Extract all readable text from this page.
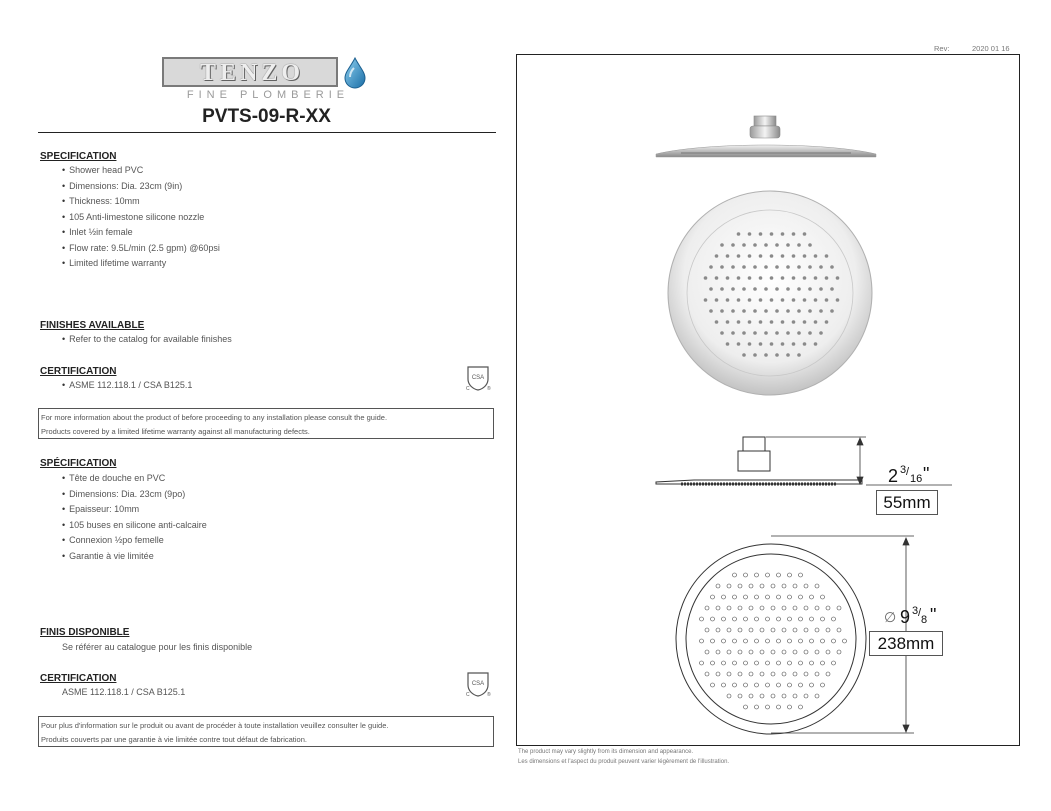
TENZO
FINE PLOMBERIE
PVTS-09-R-XX
SPECIFICATION
• Shower head PVC
• Dimensions: Dia. 23cm (9in)
• Thickness: 10mm
• 105 Anti-limestone silicone nozzle
• Inlet ½in female
• Flow rate: 9.5L/min (2.5 gpm) @60psi
• Limited lifetime warranty
FINISHES AVAILABLE
• Refer to the catalog for available finishes
CERTIFICATION
• ASME 112.118.1 / CSA B125.1
CSA
C	®
For more information about the product of before proceeding to any installation please consult the guide.
Products covered by a limited lifetime warranty against all manufacturing defects.
SPÉCIFICATION
• Tête de douche en PVC
• Dimensions: Dia. 23cm (9po)
• Epaisseur: 10mm
• 105 buses en silicone anti-calcaire
• Connexion ½po femelle
• Garantie à vie limitée
FINIS DISPONIBLE
Se référer au catalogue pour les finis disponible
CERTIFICATION
ASME 112.118.1 / CSA B125.1
CSA
C	®
Pour plus d'information sur le produit ou avant de procéder à toute installation veuillez consulter le guide.
Produits couverts par une garantie à vie limitée contre tout défaut de fabrication.
Rev:	2020 01 16
2 3 /
16 "
55mm
∅ 9 3 /
8 "
238mm
The product may vary slightly from its dimension and appearance.
Les dimensions et l'aspect du produit peuvent varier légèrement de l'illustration.
